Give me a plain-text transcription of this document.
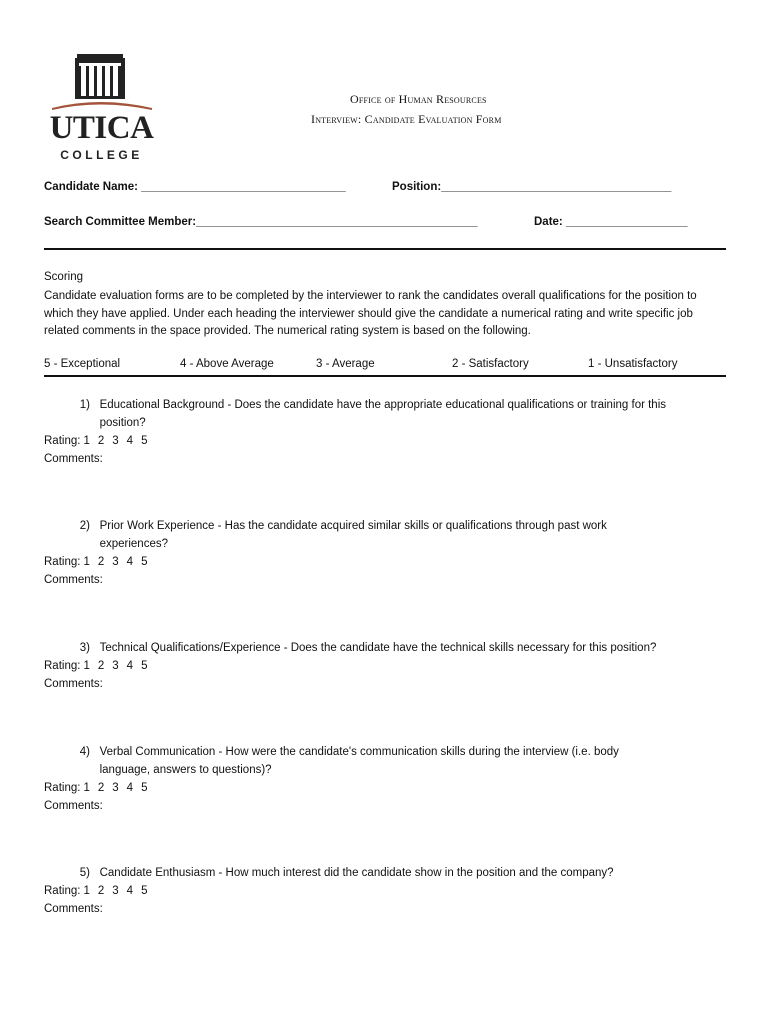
UTICA
COLLEGE
Office of Human Resources
Interview: Candidate Evaluation Form
Candidate Name: ________________________________	Position:____________________________________
Search Committee Member:____________________________________________	Date: ___________________
Scoring
Candidate evaluation forms are to be completed by the interviewer to rank the candidates overall qualifications for the position to which they have applied. Under each heading the interviewer should give the candidate a numerical rating and write specific job related comments in the space provided. The numerical rating system is based on the following.
5 - Exceptional	4 - Above Average	3 - Average	2 - Satisfactory	1 - Unsatisfactory
1) Educational Background - Does the candidate have the appropriate educational qualifications or training for this
position?
Rating: 1 2 3 4 5
Comments:
2) Prior Work Experience - Has the candidate acquired similar skills or qualifications through past work
experiences?
Rating: 1 2 3 4 5
Comments:
3) Technical Qualifications/Experience - Does the candidate have the technical skills necessary for this position?
Rating: 1 2 3 4 5
Comments:
4) Verbal Communication - How were the candidate's communication skills during the interview (i.e. body
language, answers to questions)?
Rating: 1 2 3 4 5
Comments:
5) Candidate Enthusiasm - How much interest did the candidate show in the position and the company?
Rating: 1 2 3 4 5
Comments:
